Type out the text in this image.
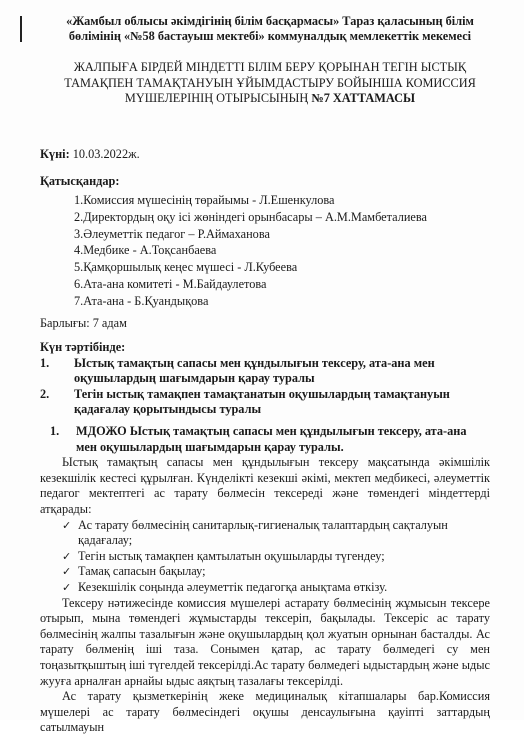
«Жамбыл облысы әкімдігінің білім басқармасы» Тараз қаласының білім бөлімінің «№58 бастауыш мектебі» коммуналдық мемлекеттік мекемесі
ЖАЛПЫҒА БІРДЕЙ МІНДЕТТІ БІЛІМ БЕРУ ҚОРЫНАН ТЕГІН ЫСТЫҚ ТАМАҚПЕН ТАМАҚТАНУЫН ҰЙЫМДАСТЫРУ БОЙЫНША КОМИССИЯ МҮШЕЛЕРІНІҢ ОТЫРЫСЫНЫҢ №7 ХАТТАМАСЫ
Күні: 10.03.2022ж.
Қатысқандар:
1.Комиссия мүшесінің төрайымы - Л.Ешенкулова
2.Директордың оқу ісі жөніндегі орынбасары – А.М.Мамбеталиева
3.Әлеуметтік педагог – Р.Аймаханова
4.Медбике - А.Тоқсанбаева
5.Қамқоршылық кеңес мүшесі - Л.Кубеева
6.Ата-ана комитеті - М.Байдаулетова
7.Ата-ана - Б.Қуандықова
Барлығы: 7 адам
Күн тәртібінде:
1.	Ыстық тамақтың сапасы мен құндылығын тексеру, ата-ана мен оқушылардың шағымдарын қарау туралы
2.	Тегін ыстық тамақпен тамақтанатын оқушылардың тамақтануын қадағалау қорытындысы туралы
1.	МДОЖО Ыстық тамақтың сапасы мен құндылығын тексеру, ата-ана мен оқушылардың шағымдарын қарау туралы.

Ыстық тамақтың сапасы мен құндылығын тексеру мақсатында әкімшілік кезекшілік кестесі құрылған. Күнделікті кезекші әкімі, мектеп медбикесі, әлеуметтік педагог мектептегі ас тарату бөлмесін тексереді және төмендегі міндеттерді атқарады:

✓ Ас тарату бөлмесінің санитарлық-гигиеналық талаптардың сақталуын қадағалау;
✓ Тегін ыстық тамақпен қамтылатын оқушыларды түгендеу;
✓ Тамақ сапасын бақылау;
✓ Кезекшілік соңында әлеуметтік педагогқа анықтама өткізу.

Тексеру нәтижесінде комиссия мүшелері астарату бөлмесінің жұмысын тексере отырып, мына төмендегі жұмыстарды тексеріп, бақылады. Тексеріс ас тарату бөлмесінің жалпы тазалығын және оқушылардың қол жуатын орнынан басталды. Ас тарату бөлменің іші таза. Сонымен қатар, ас тарату бөлмедегі су мен тоңазытқыштың іші түгелдей тексерілді.Ас тарату бөлмедегі ыдыстардың және ыдыс жууға арналған арнайы ыдыс аяқтың тазалағы тексерілді.

Ас тарату қызметкерінің жеке медициналық кітапшалары бар.Комиссия мүшелері ас тарату бөлмесіндегі оқушы денсаулығына қауіпті заттардың сатылмауын
